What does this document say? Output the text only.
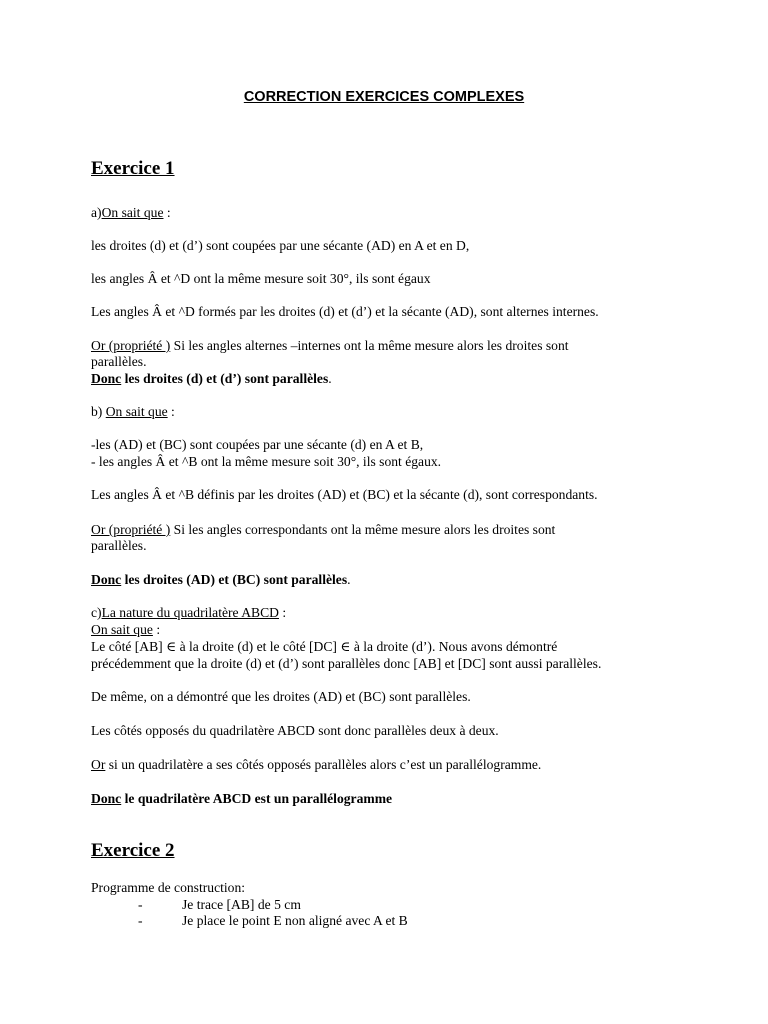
CORRECTION EXERCICES COMPLEXES
Exercice 1
a)On sait que :
les droites (d) et (d’) sont coupées par une sécante (AD) en A et en D,
les angles Â et ^D ont la même mesure soit 30°, ils sont égaux
Les angles Â et ^D formés par les droites (d) et (d’) et la sécante (AD), sont alternes internes.
Or (propriété ) Si les angles alternes –internes ont la même mesure alors les droites sont
parallèles.
Donc les droites (d) et (d’) sont parallèles.
b) On sait que :
-les (AD) et (BC) sont coupées par une sécante (d) en A et B,
- les angles Â et ^B ont la même mesure soit 30°, ils sont égaux.
Les angles Â et ^B définis par les droites (AD) et (BC) et la sécante (d), sont correspondants.
Or (propriété ) Si les angles correspondants ont la même mesure alors les droites sont
parallèles.
Donc les droites (AD) et (BC) sont parallèles.
c)La nature du quadrilatère ABCD :
On sait que :
Le côté [AB] ∈ à la droite (d) et le côté [DC] ∈ à la droite (d’). Nous avons démontré
précédemment que la droite (d) et (d’) sont parallèles donc [AB] et [DC] sont aussi parallèles.
De même, on a démontré que les droites (AD) et (BC) sont parallèles.
Les côtés opposés du quadrilatère ABCD sont donc parallèles deux à deux.
Or si un quadrilatère a ses côtés opposés parallèles alors c’est un parallélogramme.
Donc le quadrilatère ABCD est un parallélogramme
Exercice 2
Programme de construction:
-	Je trace [AB] de 5 cm
-	Je place le point E non aligné avec A et B
